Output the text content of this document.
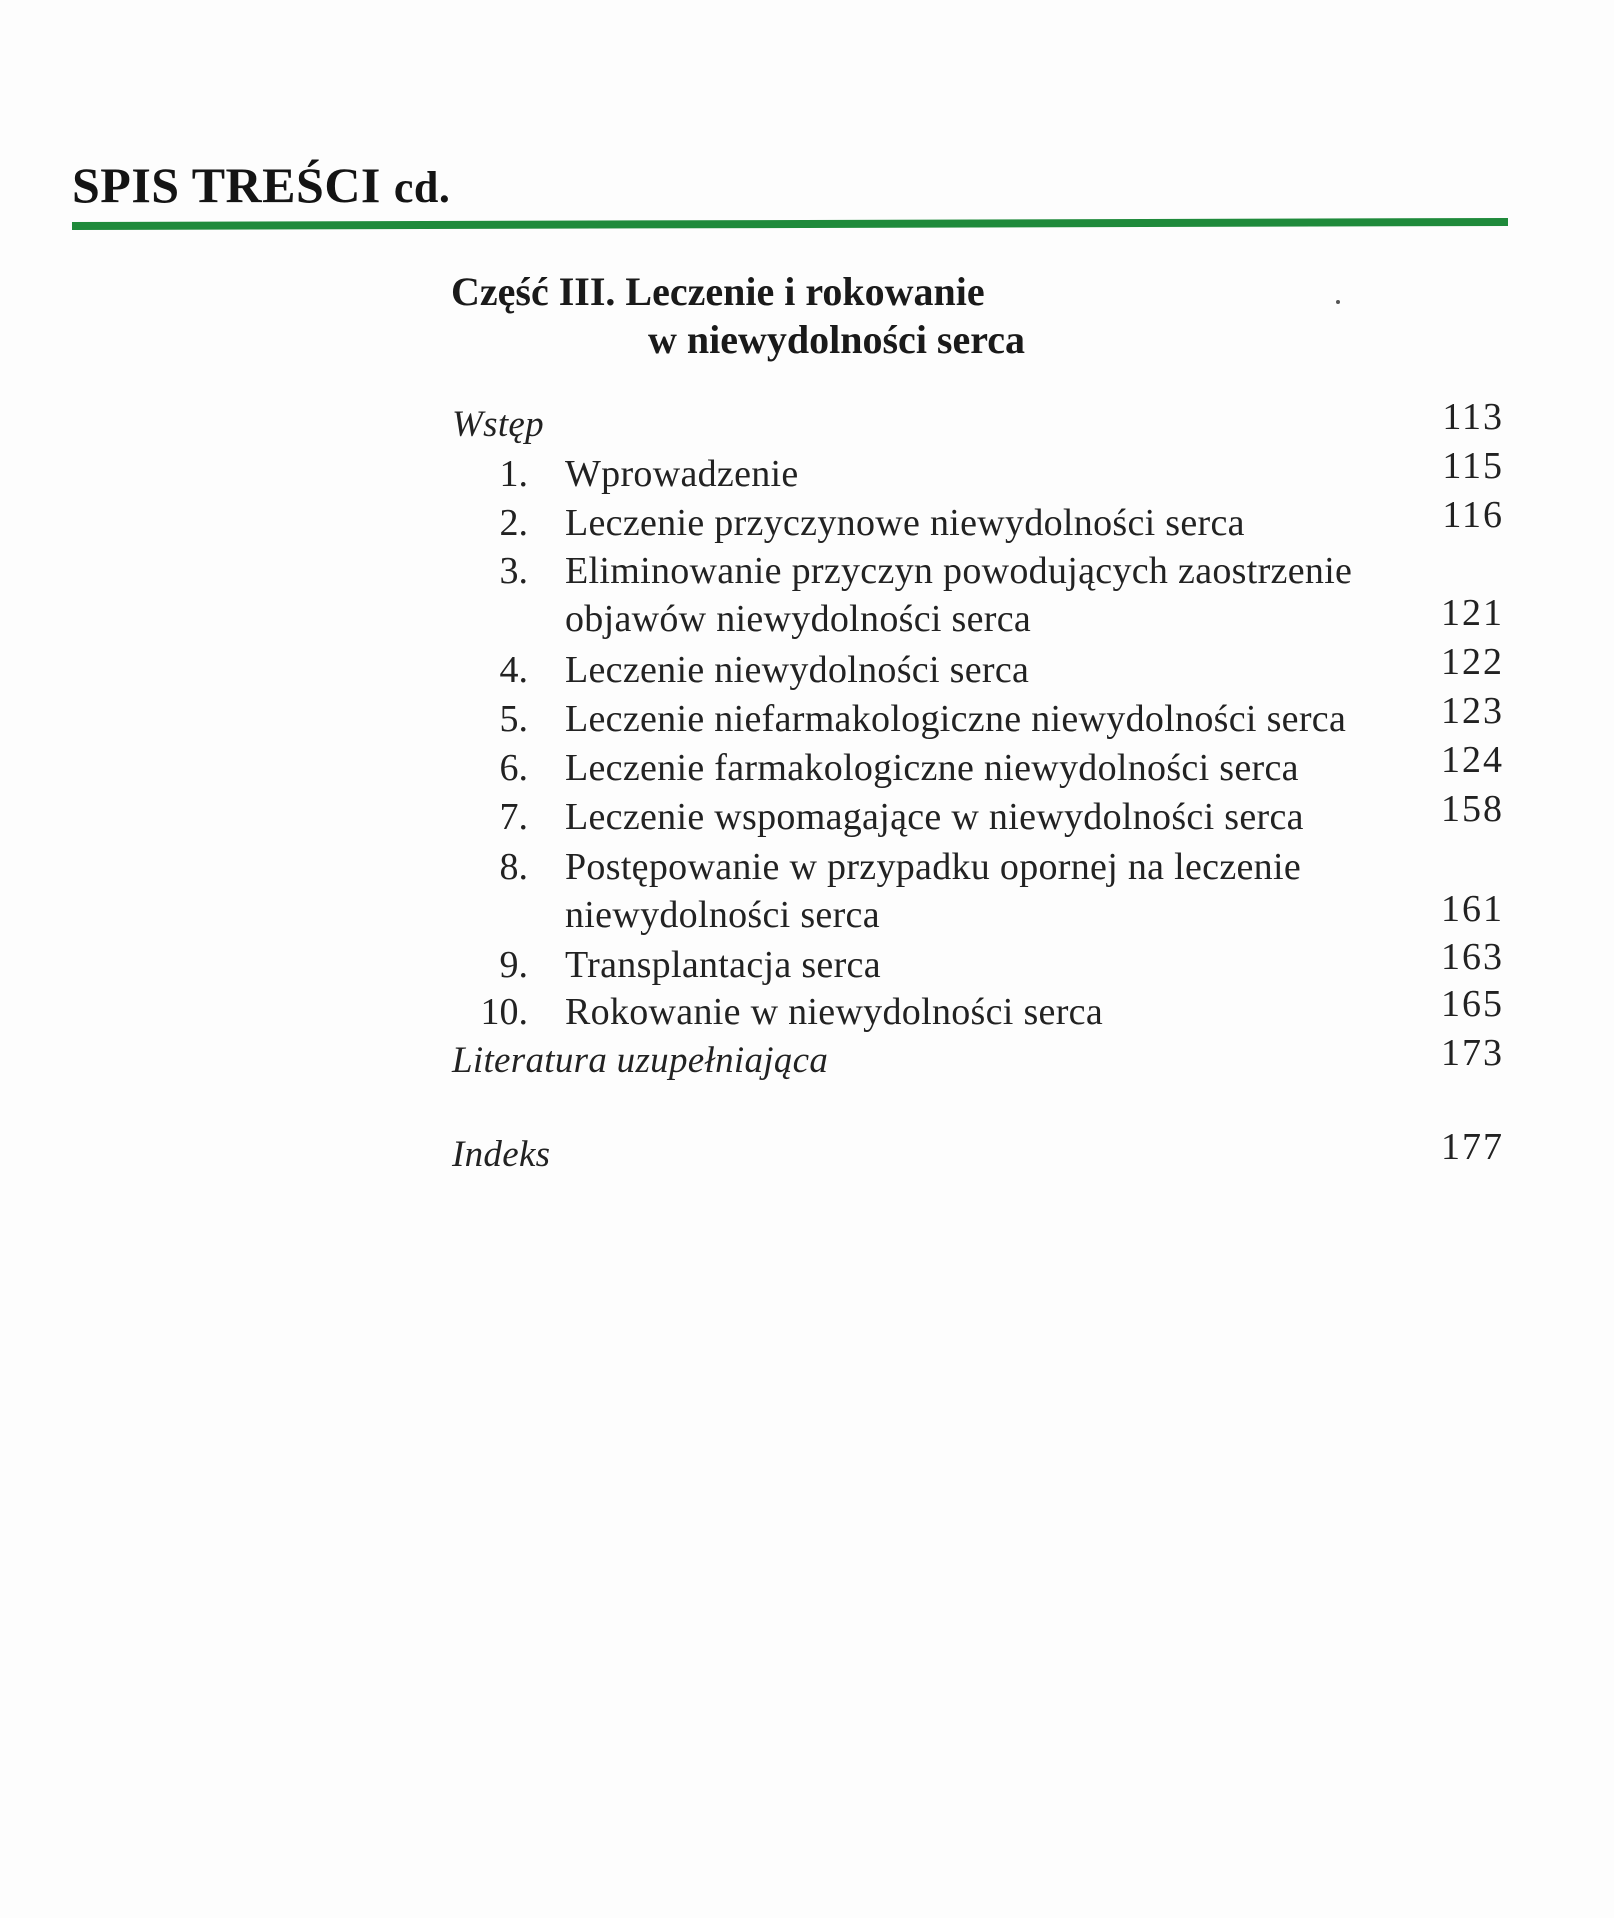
SPIS TREŚCI cd.
Część III. Leczenie i rokowanie
w niewydolności serca
Wstęp	113
1. Wprowadzenie	115
2. Leczenie przyczynowe niewydolności serca	116
3. Eliminowanie przyczyn powodujących zaostrzenie
objawów niewydolności serca	121
4. Leczenie niewydolności serca	122
5. Leczenie niefarmakologiczne niewydolności serca 123
6. Leczenie farmakologiczne niewydolności serca	124
7. Leczenie wspomagające w niewydolności serca	158
8. Postępowanie w przypadku opornej na leczenie
niewydolności serca	161
9. Transplantacja serca	163
10. Rokowanie w niewydolności serca	165
Literatura uzupełniająca	173
Indeks	177
